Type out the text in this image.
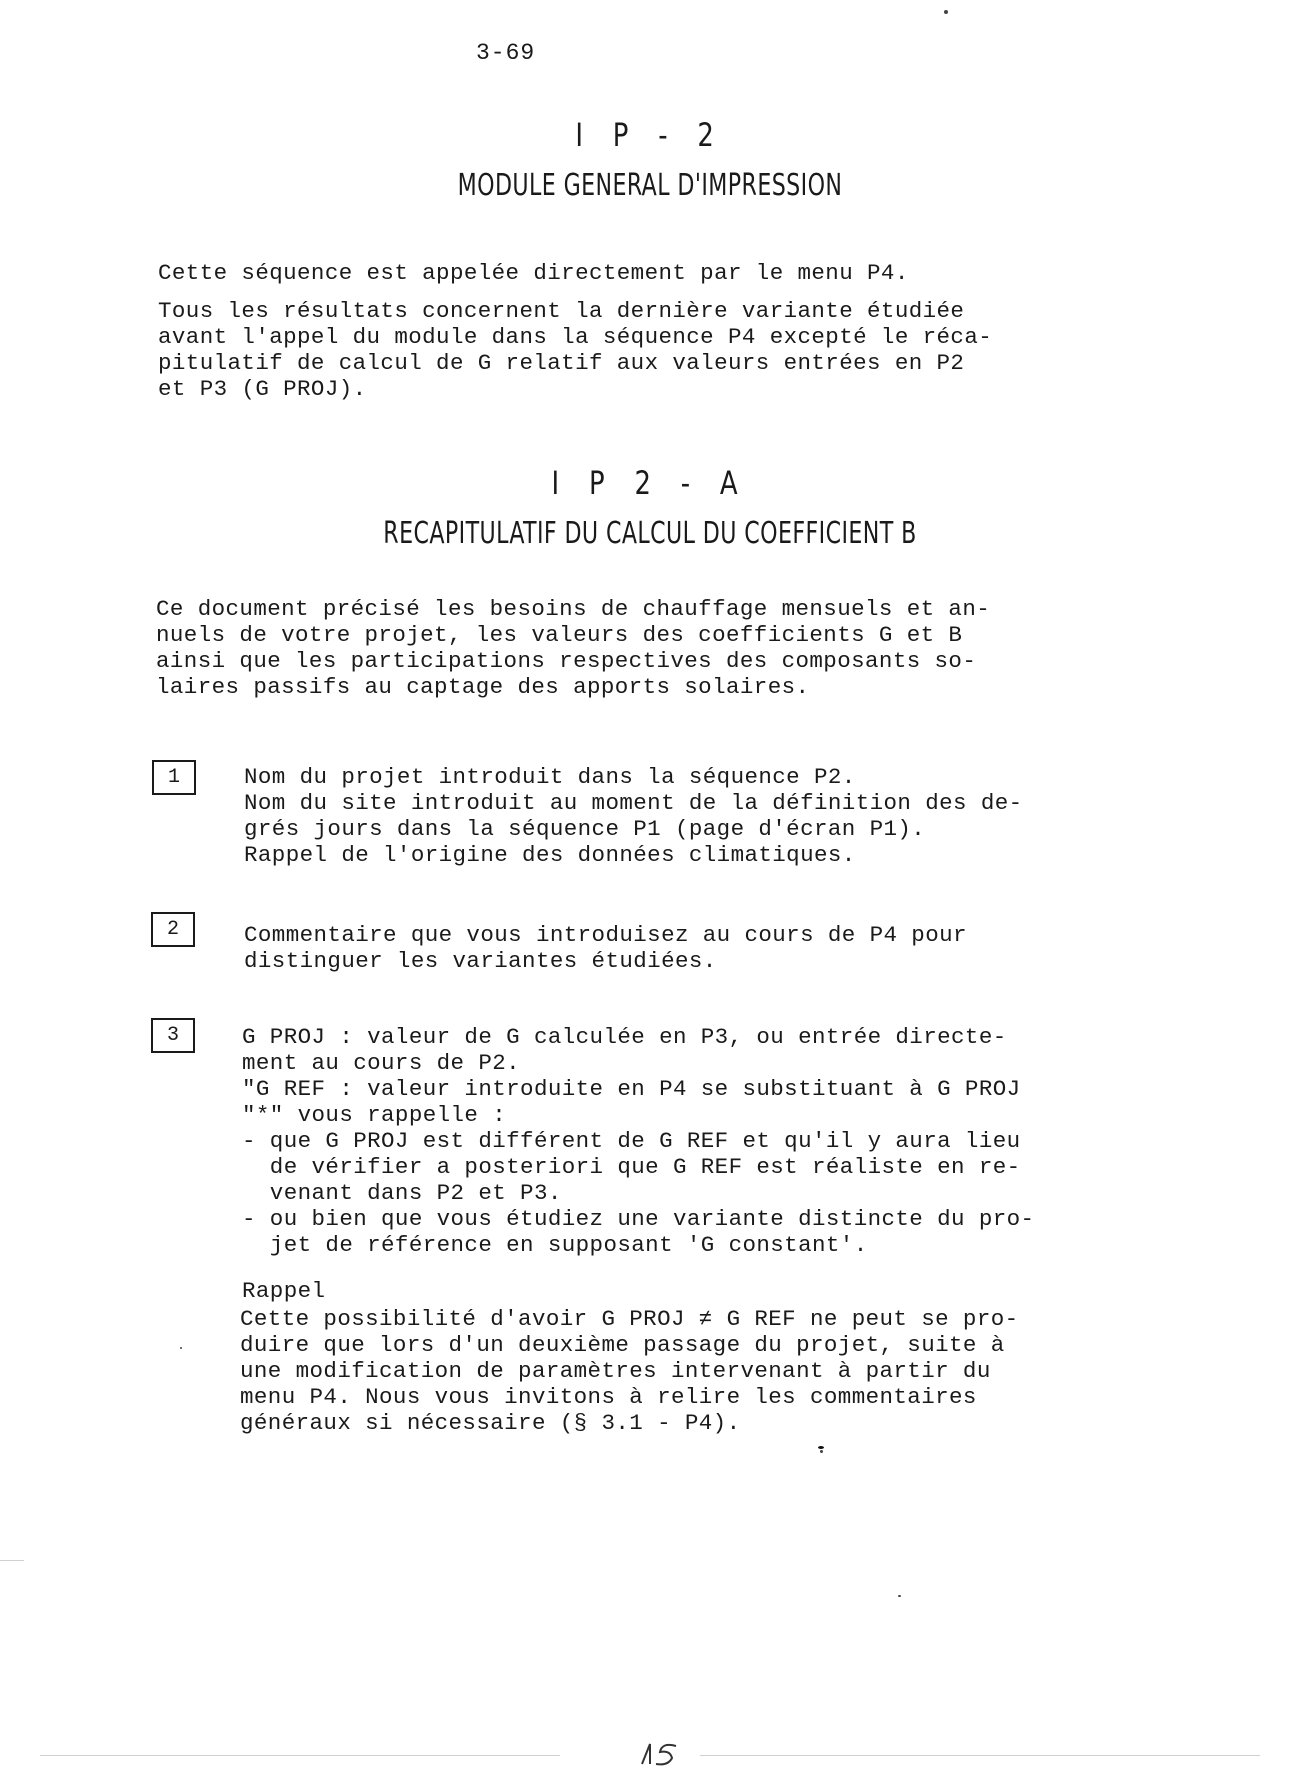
3-69
I P - 2
MODULE GENERAL D'IMPRESSION

Cette séquence est appelée directement par le menu P4.

Tous les résultats concernent la dernière variante étudiée
avant l'appel du module dans la séquence P4 excepté le réca-
pitulatif de calcul de G relatif aux valeurs entrées en P2
et P3 (G PROJ).

I P 2 - A
RECAPITULATIF DU CALCUL DU COEFFICIENT B

Ce document précisé les besoins de chauffage mensuels et an-
nuels de votre projet, les valeurs des coefficients G et B
ainsi que les participations respectives des composants so-
laires passifs au captage des apports solaires.

1	Nom du projet introduit dans la séquence P2.
Nom du site introduit au moment de la définition des de-
grés jours dans la séquence P1 (page d'écran P1).
Rappel de l'origine des données climatiques.

2	Commentaire que vous introduisez au cours de P4 pour
distinguer les variantes étudiées.

3	G PROJ : valeur de G calculée en P3, ou entrée directe-
ment au cours de P2.
"G REF : valeur introduite en P4 se substituant à G PROJ
"*" vous rappelle :
- que G PROJ est différent de G REF et qu'il y aura lieu
de vérifier a posteriori que G REF est réaliste en re-
venant dans P2 et P3.
- ou bien que vous étudiez une variante distincte du pro-
jet de référence en supposant 'G constant'.

Rappel

Cette possibilité d'avoir G PROJ ≠ G REF ne peut se pro-
duire que lors d'un deuxième passage du projet, suite à
une modification de paramètres intervenant à partir du
menu P4. Nous vous invitons à relire les commentaires
généraux si nécessaire (§ 3.1 - P4).
